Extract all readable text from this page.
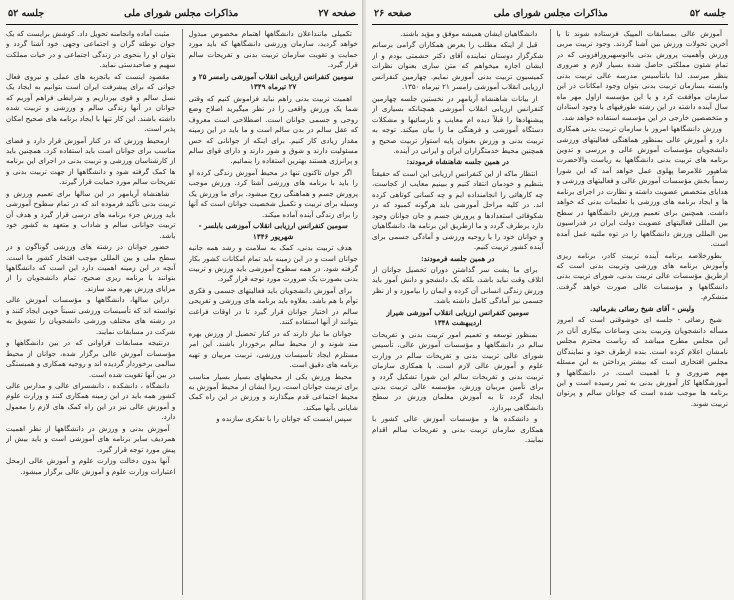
صفحه ۲۷
مذاکرات مجلس شورای ملی
جلسه ۵۲

تکمیلی ماننداعلان دانشگاهها اهتمام مخصوص مبذول خواهد گردید، سازمان ورزشی دانشگاهها که باید مورد حمایت و تقویت سازمان تربیت بدنی و تفریحات سالم قرار گیرد.

سومین کنفرانس ارزیابی انقلاب آموزشی رامسر ۲۵ و ۲۷ تیرماه ۱۳۴۹

اهمیت تربیت بدنی راهم نباید فراموش کنیم که وقتی شما یک ورزش واقعی را در نظر میگیرید اصلاح وضع روحی و جسمی جوانان است. اصطلاحی است معروف که عقل سالم در بدن سالم است و ما باید در این زمینه مقدار زیادی کار کنیم. برای اینکه از جوانانی که حس مسئولیت دارند و شوق و شور دارند و دارای قوای سالم و پرانرژی هستند بهترین استفاده را بنمائیم.

اگر جوان تاکنون تنها در محیط آموزش زندگی کرده او را باید با برنامه های ورزشی آشنا کرد. ورزش موجب پرورش جسم و هماهنگی روح میشود. برای ما ورزش یک وسیله برای تربیت و تکمیل شخصیت جوانان است که آنها را برای زندگی آینده آماده میکند.

سومین کنفرانس ارزیابی انقلاب آموزشی بابلسر - شهریور ۱۳۴۶

هدف تربیت بدنی، کمک به سلامت و رشد همه جانبه جوانان است و در این زمینه باید تمام امکانات کشور بکار گرفته شود. در همه سطوح آموزشی باید ورزش و تربیت بدنی بصورت یک ضرورت مورد توجه قرار گیرد.

برای آموزش دانشجویان باید فعالیتهای جسمی و فکری توأم با هم باشد. بعلاوه باید برنامه های ورزشی و تفریحی سالم در اختیار جوانان قرار گیرد تا در اوقات فراغت بتوانند از آنها استفاده کنند.

جوانان ما نیاز دارند که در کنار تحصیل از ورزش بهره مند شوند و از محیط سالم برخوردار باشند. این امر مستلزم ایجاد تأسیسات ورزشی، تربیت مربیان و تهیه برنامه های دقیق است.

محیط ورزش یکی از محیطهای بسیار بسیار مناسب برای تربیت جوانان است، زیرا ایشان از محیط آموزش به محیط اجتماعی قدم میگذارند و ورزش در این راه کمک شایانی بآنها میکند.

سپس اینست که جوانان را با تفکری سازنده و

مثبت آماده وانجامنه تحویل داد. کوشش برایست که یک جوان توطئه گران و اجتماعی وجهی خود آشنا گردد و بتوان او را بنحوی در زندگی اجتماعی و در حیات مملکت سهیم و صاحبدستی نماید.

مقصود اینست که باتجربه های عملی و نیروی فعال جوانی که برای پیشرفت ایران است بتوانیم به ایجاد یک نسل سالم و قوی بپردازیم و شرایطی فراهم آوریم که جوانان در آنها زندگی سالم و ورزشی و تربیت شده داشته باشند. این کار تنها با ایجاد برنامه های صحیح امکان پذیر است.

ازمحیط ورزش که در کنار آموزش قرار دارد و فضای مناسب برای جوانان است باید استفاده کرد. همچنین باید از کارشناسان ورزشی و تربیت بدنی در اجرای این برنامه ها کمک گرفته شود و دانشگاهها از جهت تربیت بدنی و تفریحات سالم مورد حمایت قرار گیرند.

شاهنشاه آریامهر در این سالها برای تعمیم ورزش و تربیت بدنی تأکید فرموده اند که در تمام سطوح آموزشی باید ورزش جزء برنامه های درسی قرار گیرد و هدف آن تربیت جوانانی سالم و شاداب و متعهد به کشور خود باشد.

حضور جوانان در رشته های ورزشی گوناگون و در سطح ملی و بین المللی موجب افتخار کشور ما است. آنچه در این زمینه اهمیت دارد این است که دانشگاهها بتوانند با برنامه ریزی صحیح، تمام دانشجویان را از مزایای ورزش بهره مند سازند.

دراین سالها، دانشگاهها و مؤسسات آموزش عالی توانسته اند که تأسیسات ورزشی نسبتاً خوبی ایجاد کنند و در رشته های مختلف ورزشی دانشجویان را تشویق به شرکت در مسابقات نمایند.

درنتیجه مسابقات فراوانی که در بین دانشگاهها و مؤسسات آموزش عالی برگزار شده، جوانان از محیط سالمی برخوردار گردیده اند و روحیه همکاری و همبستگی در بین آنها تقویت شده است.

دانشگاه ، دانشکده ، دانشسرای عالی و مدارس عالی کشور همه باید در این زمینه همکاری کنند و وزارت علوم و آموزش عالی نیز در این راه کمک های لازم را معمول دارد.

آموزش بدنی و ورزش در دانشگاهها از نظر اهمیت همردیف سایر برنامه های آموزشی است و باید بیش از پیش مورد توجه قرار گیرد.

آنها بدون دخالت وزارت علوم و آموزش عالی ازمحل اعتبارات وزارت علوم و آموزش عالی برگزار میشود.

جلسه ۵۲
مذاکرات مجلس شورای ملی
صفحه ۲۶

آموزش عالی بمسابقات المپیک فرستاده شوند تا با آخرین تحولات ورزش بین آشنا گردند. وجود تربیت مربی ورزش وآهمیت پرورش بدنی باانوسهیروزافزونی که در تمام شئون مملکتی حاصل شده بسیار لازم و ضروری بنظر میرسد. لذا بانتأسیس مدرسه عالی تربیت بدنی وابسته بسازمان تربیت بدنی بتوان وجود امکانات در این سازمان موافقت کرد و یا این مؤسسه ازاول مهر ماه سال آینده داشته در این رشته طورفيهای با وجود استادان و متخصصین خارجی در این مؤسسه استفاده خواهد شد.

ورزش دانشگاهها امروز با سازمان تربیت بدنی همکاری دارد و آموزش عالی بمنظور هماهنگی فعالیتهای ورزشی دانشجویان مؤسسات آموزش عالی و بررسی و تدوین برنامه های تربیت بدنی دانشگاهها به ریاست والاحضرت شاهپور غلامرضا پهلوی عمل خواهد آمد که این شورا رسماً بخش مؤسسات آموزش عالی و فعالیتهای ورزشی و هدایای متخصص عضویت داشته و نظارت در اجرای برنامه ها و ایجاد برنامه های ورزشی با تعلیمات بدنی که خواهد داشت. همچنین برای تعمیم ورزش دانشگاهها در سطح بین المللی فعالیتهای عضویت دولت ایران در فدراسیون بین المللی ورزش دانشگاهها را در توه ملتیه عمل آمده است.

بطورخلاصه برنامه آینده تربیت کادر، برنامه ریزی وآموزش برنامه های ورزشی وتربیت بدنی است که ازطریق مؤسسات عالی تربیت بدنی، شورای تربیت بدنی دانشگاهها و مؤسسات عالی صورت خواهد گرفت. متشکرم.

ولیس - آقای شیخ رضائی بفرمائید.

شیخ رضائی - جلسه ای خوشوقتی است که امروز مسأله دانشجویان وتربیت بدنی وساعات بیکاری آنان در این مجلس مطرح میباشد که ریاست محترم مجلس نامشان اعلام کرده است. بنده ازطرف خود و نمایندگان مجلس افتخاری است که بیشتر پرداختن به این مسئله مهم ضروری و با اهمیت است. در دانشگاهها و آموزشگاهها کار آموزش بدنی به ثمر رسیده است و این برنامه ها موجب شده است که جوانان سالم و پرتوان تربیت شوند.

دانشگاهیان ایشان همیشه موفق و مؤید باشند.

قبل از اینکه مطلب را بعرض همکاران گرامی برسانم شکرگزار دوستان نماینده آقای دکتر حشمتی بودم و از ایشان اجازه میخواهم که متن ساری بعنوان نظرات کمیسیون تربیت بدنی آموزش نمایم. چهارمین کنفرانس ارزیابی انقلاب آموزشی رامسر ۲۱ تیرماه ۱۳۵۰.

از بیانات شاهنشاه آریامهر در نخستین جلسه چهارمین کنفرانس ارزیابی انقلاب آموزشی همچنانکه بسیاری از پیشنهادها را قبلاً دیده ام معایب و نارسائیها و مشکلات دستگاه آموزشی و فرهنگی ما را بیان میکند. توجه به تربیت بدنی و ورزش بعنوان پایه استوار تربیت صحیح و همچنین محیط خدمتگزاران ایران و ایرانی در آینده.

در همین جلسه شاهنشاه فرمودند:

انتظار ماکه از این کنفرانس ارزیابی این است که حقیقتاً بتنظیم و خودمان انتقاد کنیم و ببینیم معایب از کجاست، چه کارهائی را انجامنداده ایم و چه کسانی کوتاهی کرده اند. در کلیه مراحل آموزشی باید هرگونه کمبود که در شکوفائی استعدادها و پرورش جسم و جان جوانان وجود دارد برطرف گردد و ما ازطریق این برنامه ها، دانشگاهیان و جوانان خود را با روحیه ورزشی و آمادگی جسمی برای آینده کشور تربیت کنیم.

در همین جلسه فرمودند:

برای ما پشت سر گذاشتن دوران تحصیل جوانان از اتلاف وقت نباید باشد، بلکه یک دانشجو و دانش آموز باید ورزش زندگی انسانی آن کرده و ایمان را بیاموزد و از نظر جسمی نیز آمادگی کامل داشته باشد.

سومین کنفرانس ارزیابی انقلاب آموزشی شیراز اردیبهشت ۱۳۴۸

بمنظور توسعه و تعمیم امور تربیت بدنی و تفریحات سالم در دانشگاهها و مؤسسات آموزش عالی، تأسیس شورای عالی تربیت بدنی و تفریحات سالم در وزارت علوم و آموزش عالی لازم است. با همکاری سازمان تربیت بدنی و تفریحات سالم این شورا تشکیل گردد و برای تأمین مربیان ورزش، مؤسسه عالی تربیت بدنی ایجاد گردد تا به آموزش معلمان ورزش در سطح دانشگاهی بپردازد.

و دانشکده ها و مؤسسات آموزش عالی کشور با همکاری سازمان تربیت بدنی و تفریحات سالم اقدام نمایند.
